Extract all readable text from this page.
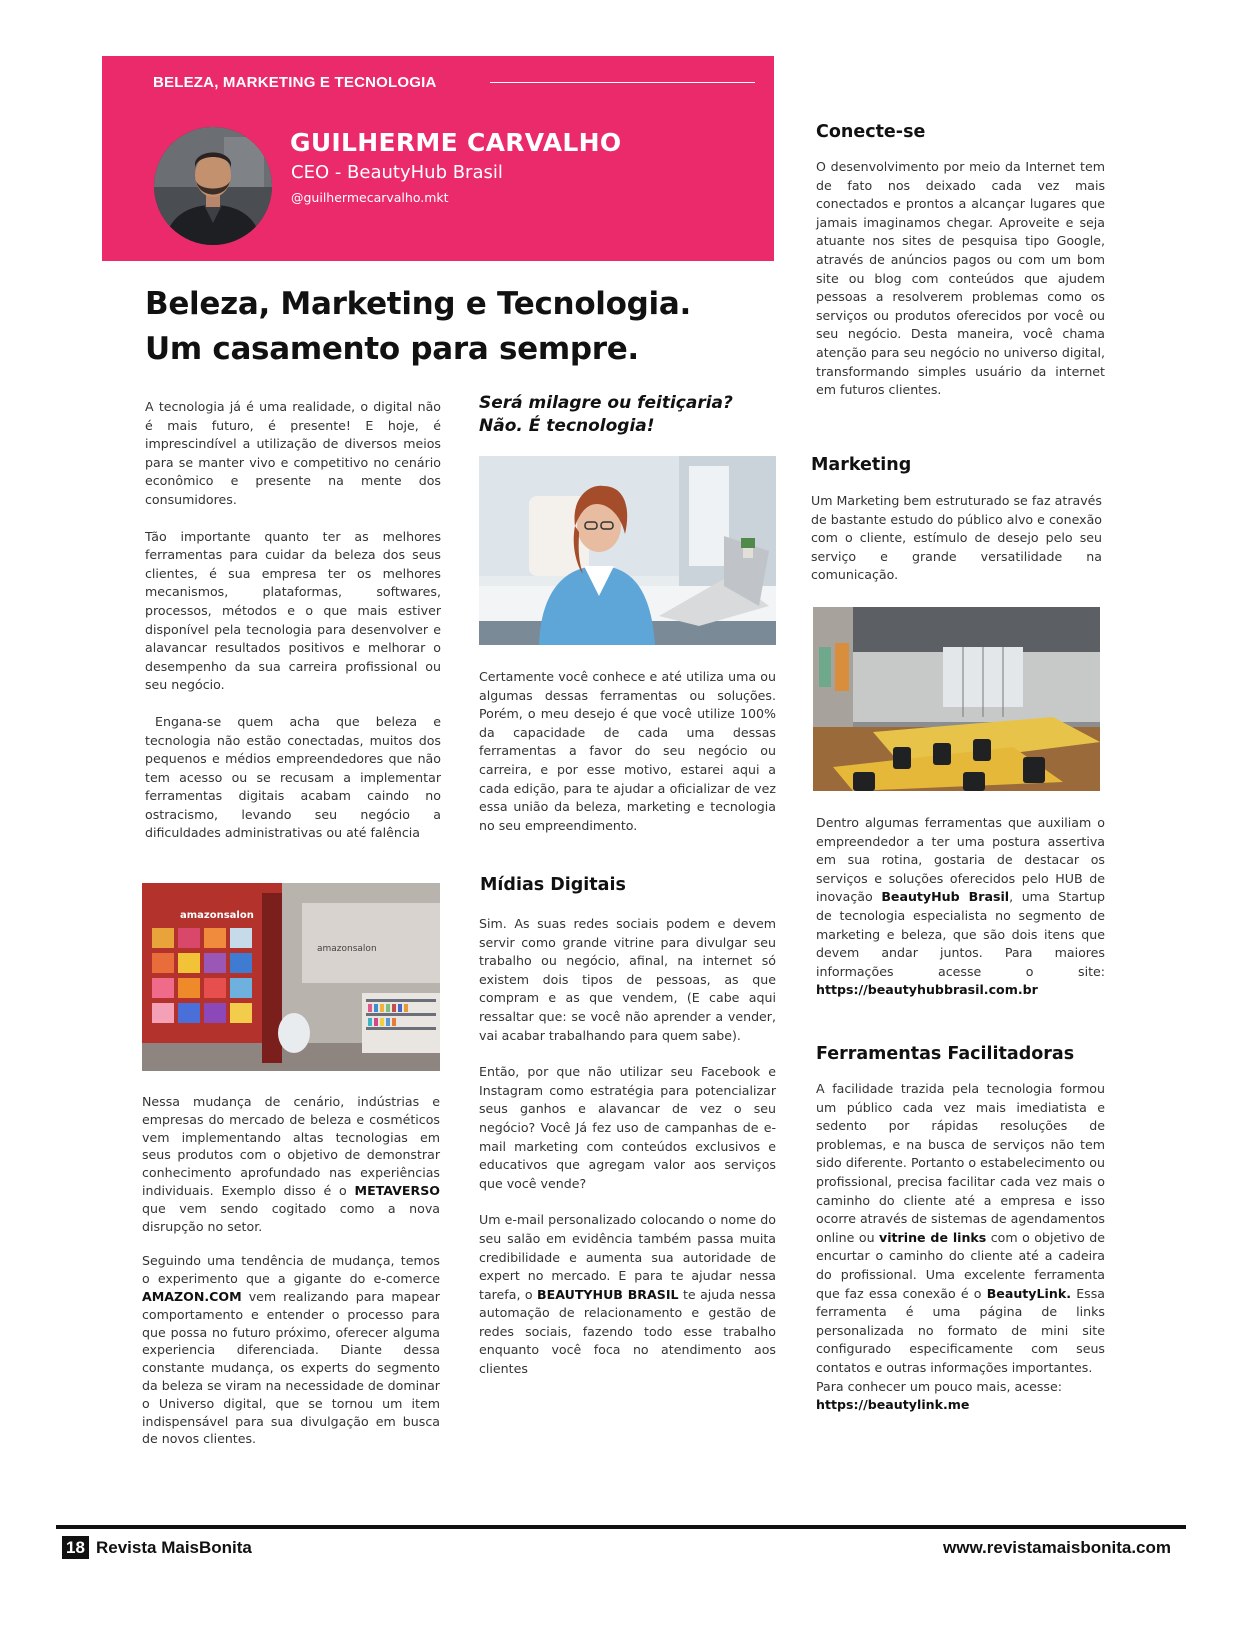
BELEZA, MARKETING E TECNOLOGIA
GUILHERME CARVALHO
CEO - BeautyHub Brasil
@guilhermecarvalho.mkt
Beleza, Marketing e Tecnologia.
Um casamento para sempre.

A tecnologia já é uma realidade, o digital não é mais futuro, é presente! E hoje, é imprescindível a utilização de diversos meios para se manter vivo e competitivo no cenário econômico e presente na mente dos consumidores.

Tão importante quanto ter as melhores ferramentas para cuidar da beleza dos seus clientes, é sua empresa ter os melhores mecanismos, plataformas, softwares, processos, métodos e o que mais estiver disponível pela tecnologia para desenvolver e alavancar resultados positivos e melhorar o desempenho da sua carreira profissional ou seu negócio.

Engana-se quem acha que beleza e tecnologia não estão conectadas, muitos dos pequenos e médios empreendedores que não tem acesso ou se recusam a implementar ferramentas digitais acabam caindo no ostracismo, levando seu negócio a dificuldades administrativas ou até falência

amazonsalon
amazonsalon

Nessa mudança de cenário, indústrias e empresas do mercado de beleza e cosméticos vem implementando altas tecnologias em seus produtos com o objetivo de demonstrar conhecimento aprofundado nas experiências individuais. Exemplo disso é o METAVERSO que vem sendo cogitado como a nova disrupção no setor.

Seguindo uma tendência de mudança, temos o experimento que a gigante do e-comerce AMAZON.COM vem realizando para mapear comportamento e entender o processo para que possa no futuro próximo, oferecer alguma experiencia diferenciada. Diante dessa constante mudança, os experts do segmento da beleza se viram na necessidade de dominar o Universo digital, que se tornou um item indispensável para sua divulgação em busca de novos clientes.

Será milagre ou feitiçaria?
Não. É tecnologia!

Certamente você conhece e até utiliza uma ou algumas dessas ferramentas ou soluções. Porém, o meu desejo é que você utilize 100% da capacidade de cada uma dessas ferramentas a favor do seu negócio ou carreira, e por esse motivo, estarei aqui a cada edição, para te ajudar a oficializar de vez essa união da beleza, marketing e tecnologia no seu empreendimento.

Mídias Digitais

Sim. As suas redes sociais podem e devem servir como grande vitrine para divulgar seu trabalho ou negócio, afinal, na internet só existem dois tipos de pessoas, as que compram e as que vendem, (E cabe aqui ressaltar que: se você não aprender a vender, vai acabar trabalhando para quem sabe).

Então, por que não utilizar seu Facebook e Instagram como estratégia para potencializar seus ganhos e alavancar de vez o seu negócio? Você Já fez uso de campanhas de e-mail marketing com conteúdos exclusivos e educativos que agregam valor aos serviços que você vende?

Um e-mail personalizado colocando o nome do seu salão em evidência também passa muita credibilidade e aumenta sua autoridade de expert no mercado. E para te ajudar nessa tarefa, o BEAUTYHUB BRASIL te ajuda nessa automação de relacionamento e gestão de redes sociais, fazendo todo esse trabalho enquanto você foca no atendimento aos clientes

Conecte-se

O desenvolvimento por meio da Internet tem de fato nos deixado cada vez mais conectados e prontos a alcançar lugares que jamais imaginamos chegar. Aproveite e seja atuante nos sites de pesquisa tipo Google, através de anúncios pagos ou com um bom site ou blog com conteúdos que ajudem pessoas a resolverem problemas como os serviços ou produtos oferecidos por você ou seu negócio. Desta maneira, você chama atenção para seu negócio no universo digital, transformando simples usuário da internet em futuros clientes.

Marketing

Um Marketing bem estruturado se faz através de bastante estudo do público alvo e conexão com o cliente, estímulo de desejo pelo seu serviço e grande versatilidade na comunicação.

Dentro algumas ferramentas que auxiliam o empreendedor a ter uma postura assertiva em sua rotina, gostaria de destacar os serviços e soluções oferecidos pelo HUB de inovação BeautyHub Brasil, uma Startup de tecnologia especialista no segmento de marketing e beleza, que são dois itens que devem andar juntos. Para maiores informações acesse o site: https://beautyhubbrasil.com.br

Ferramentas Facilitadoras

A facilidade trazida pela tecnologia formou um público cada vez mais imediatista e sedento por rápidas resoluções de problemas, e na busca de serviços não tem sido diferente. Portanto o estabelecimento ou profissional, precisa facilitar cada vez mais o caminho do cliente até a empresa e isso ocorre através de sistemas de agendamentos online ou vitrine de links com o objetivo de encurtar o caminho do cliente até a cadeira do profissional. Uma excelente ferramenta que faz essa conexão é o BeautyLink. Essa ferramenta é uma página de links personalizada no formato de mini site configurado especificamente com seus contatos e outras informações importantes.

Para conhecer um pouco mais, acesse:

https://beautylink.me

18 Revista MaisBonita	www.revistamaisbonita.com
